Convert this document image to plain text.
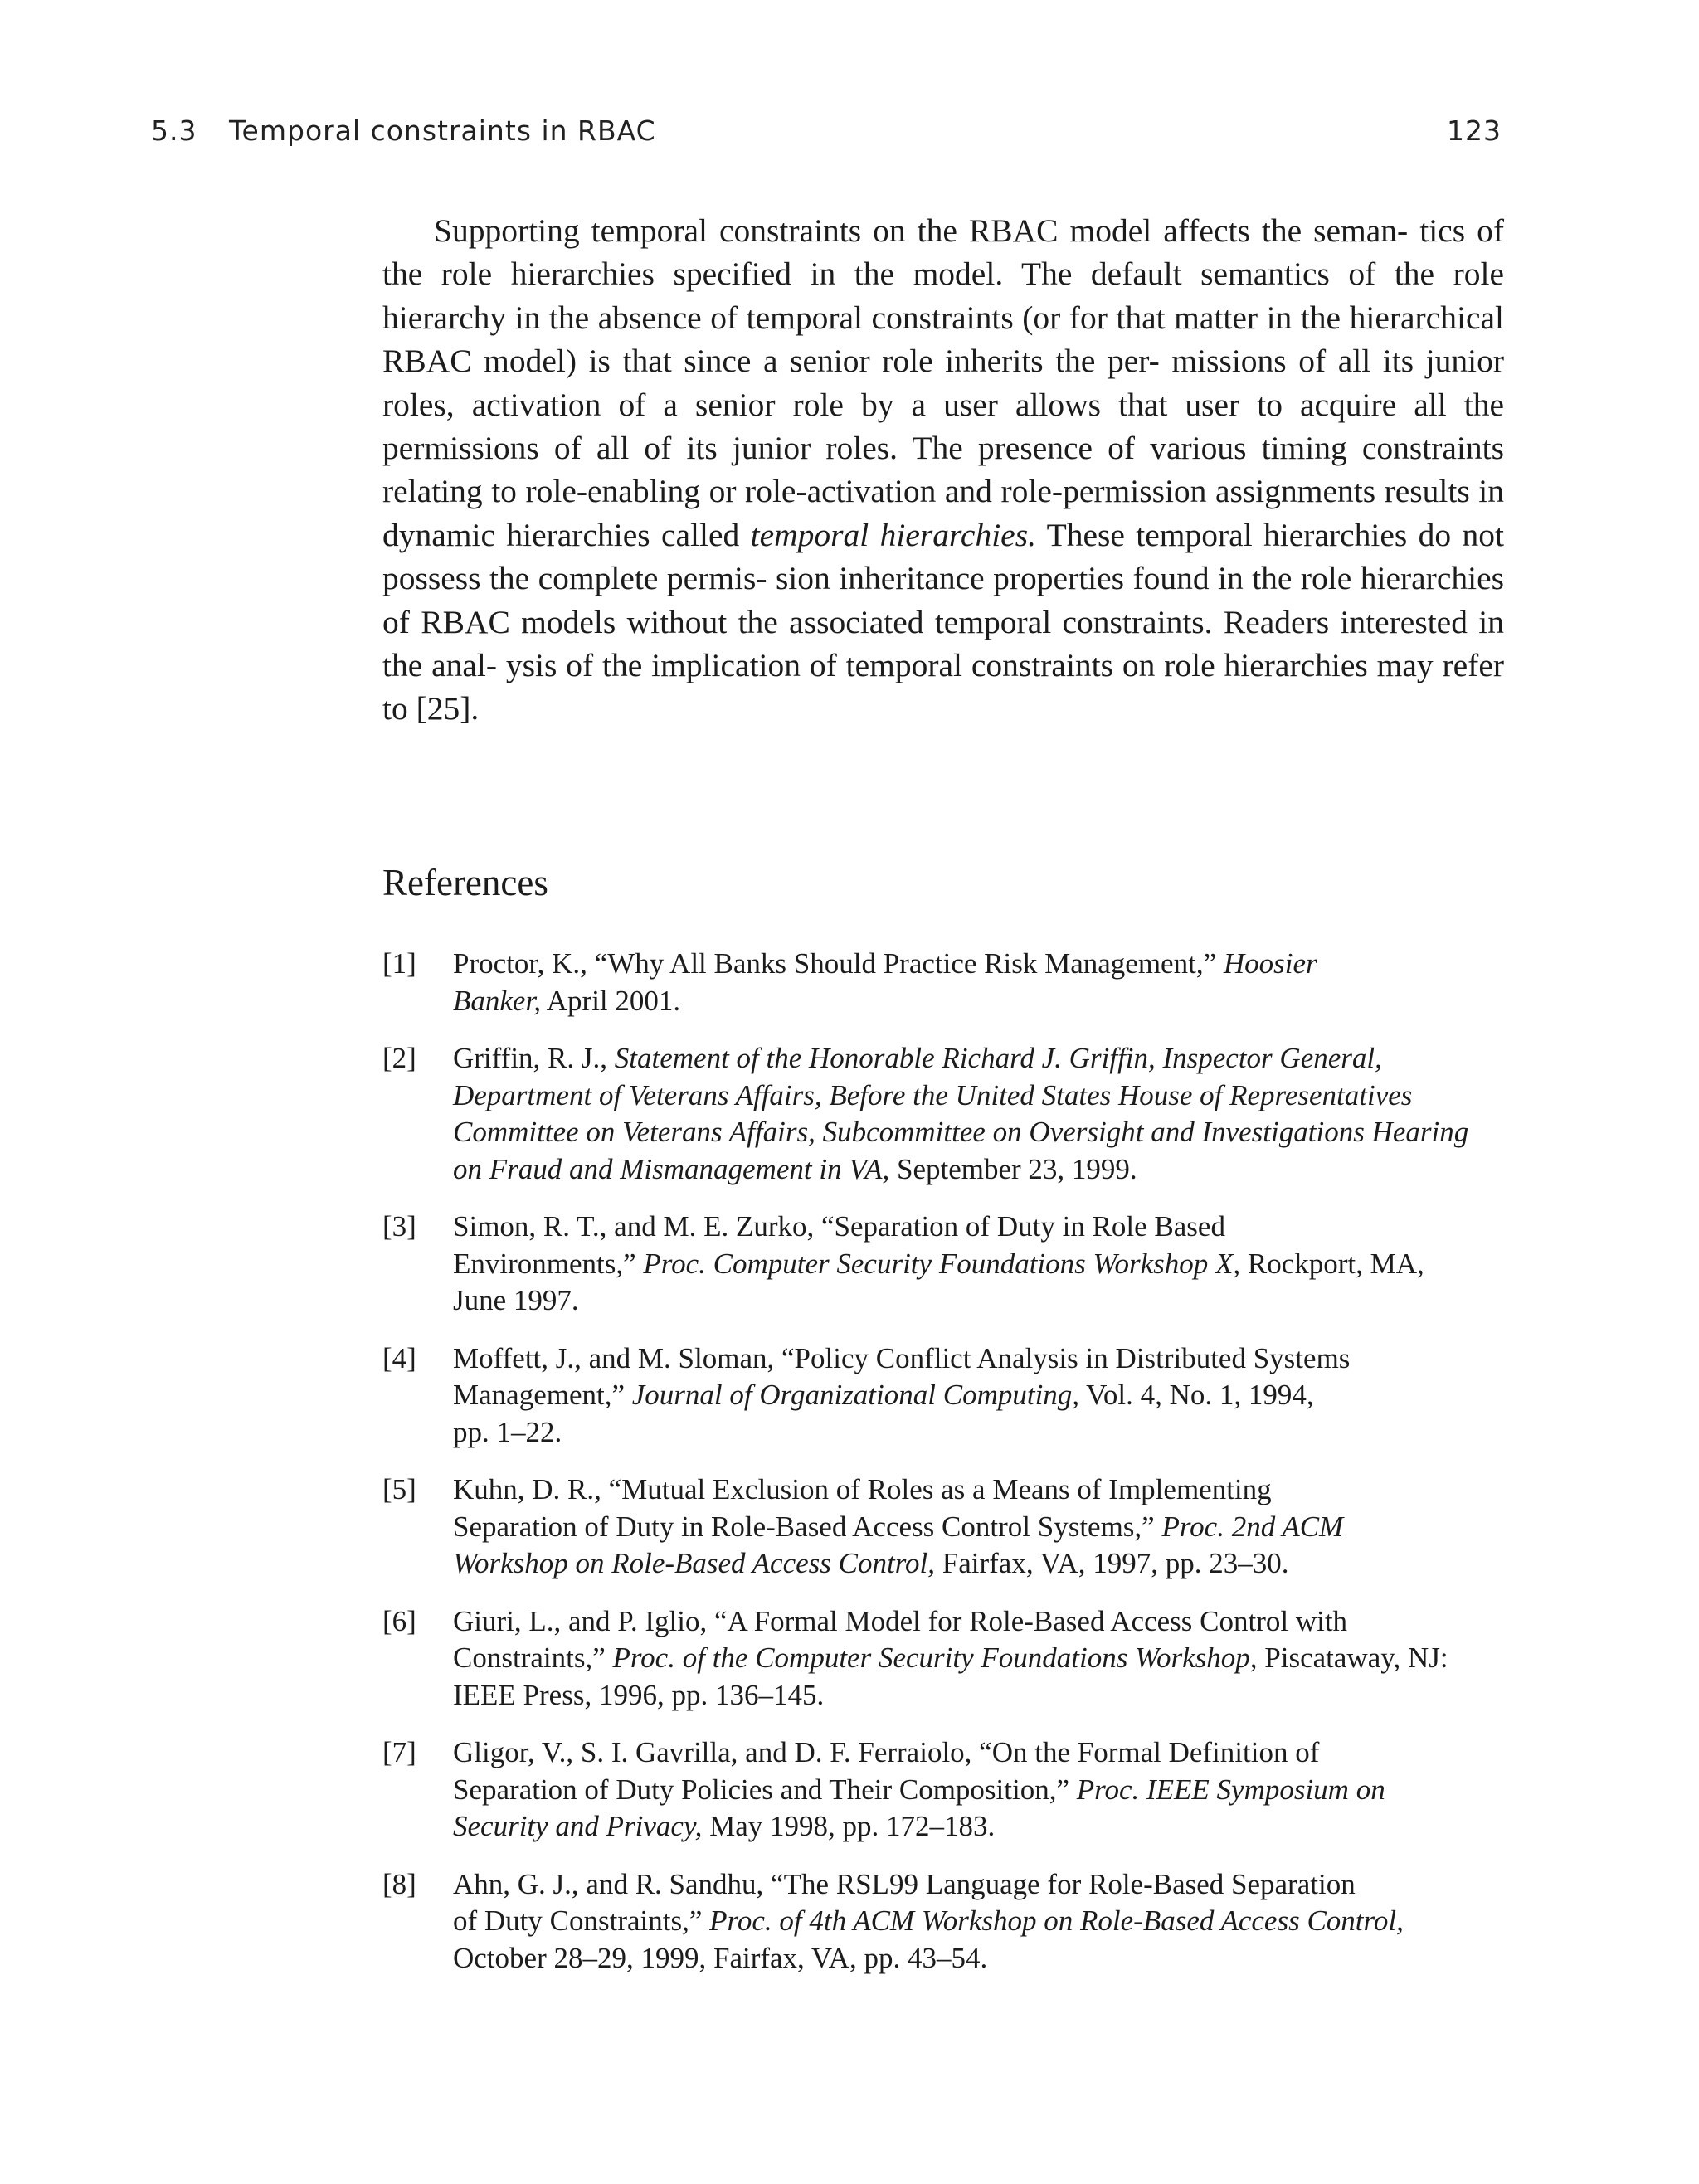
5.3 Temporal constraints in RBAC	123

Supporting temporal constraints on the RBAC model affects the seman- tics of the role hierarchies specified in the model. The default semantics of the role hierarchy in the absence of temporal constraints (or for that matter in the hierarchical RBAC model) is that since a senior role inherits the per- missions of all its junior roles, activation of a senior role by a user allows that user to acquire all the permissions of all of its junior roles. The presence of various timing constraints relating to role-enabling or role-activation and role-permission assignments results in dynamic hierarchies called temporal hierarchies. These temporal hierarchies do not possess the complete permis- sion inheritance properties found in the role hierarchies of RBAC models without the associated temporal constraints. Readers interested in the anal- ysis of the implication of temporal constraints on role hierarchies may refer to [25].

References
[1] Proctor, K., “Why All Banks Should Practice Risk Management,” Hoosier
Banker, April 2001.
[2] Griffin, R. J., Statement of the Honorable Richard J. Griffin, Inspector General,
Department of Veterans Affairs, Before the United States House of Representatives
Committee on Veterans Affairs, Subcommittee on Oversight and Investigations Hearing
on Fraud and Mismanagement in VA, September 23, 1999.
[3] Simon, R. T., and M. E. Zurko, “Separation of Duty in Role Based
Environments,” Proc. Computer Security Foundations Workshop X, Rockport, MA,
June 1997.
[4] Moffett, J., and M. Sloman, “Policy Conflict Analysis in Distributed Systems
Management,” Journal of Organizational Computing, Vol. 4, No. 1, 1994,
pp. 1–22.
[5] Kuhn, D. R., “Mutual Exclusion of Roles as a Means of Implementing
Separation of Duty in Role-Based Access Control Systems,” Proc. 2nd ACM
Workshop on Role-Based Access Control, Fairfax, VA, 1997, pp. 23–30.
[6] Giuri, L., and P. Iglio, “A Formal Model for Role-Based Access Control with
Constraints,” Proc. of the Computer Security Foundations Workshop, Piscataway, NJ:
IEEE Press, 1996, pp. 136–145.
[7] Gligor, V., S. I. Gavrilla, and D. F. Ferraiolo, “On the Formal Definition of
Separation of Duty Policies and Their Composition,” Proc. IEEE Symposium on
Security and Privacy, May 1998, pp. 172–183.
[8] Ahn, G. J., and R. Sandhu, “The RSL99 Language for Role-Based Separation
of Duty Constraints,” Proc. of 4th ACM Workshop on Role-Based Access Control,
October 28–29, 1999, Fairfax, VA, pp. 43–54.
